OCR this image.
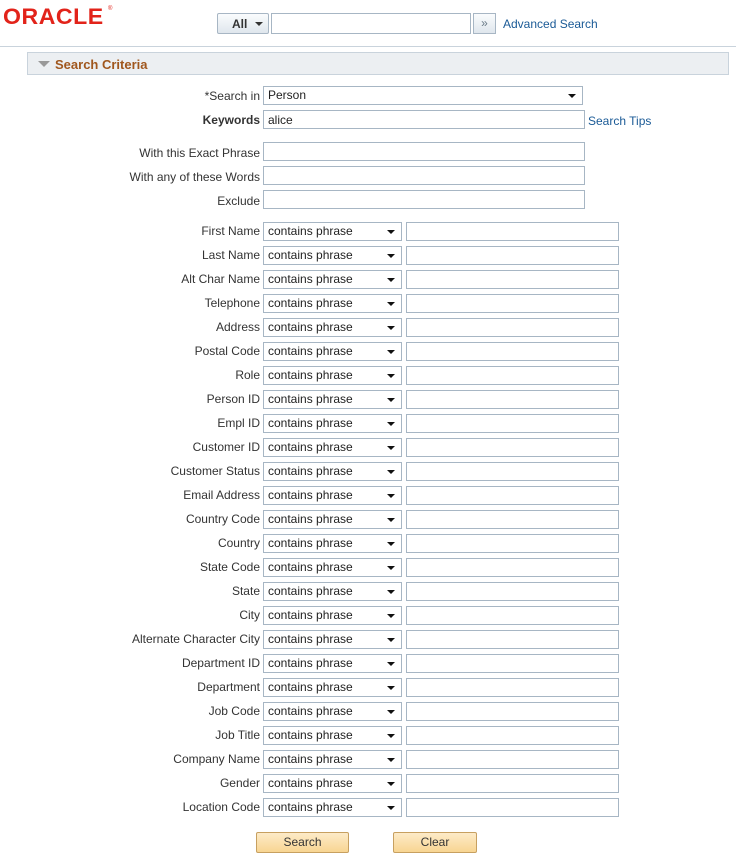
ORACLE ®
All	»	Advanced Search
Search Criteria
*Search in Person
Keywords
alice	Search Tips
With this Exact Phrase
With any of these Words
Exclude
First Name contains phrase
Last Name contains phrase
Alt Char Name contains phrase
Telephone contains phrase
Address contains phrase
Postal Code contains phrase
Role contains phrase
Person ID contains phrase
Empl ID contains phrase
Customer ID contains phrase
Customer Status contains phrase
Email Address contains phrase
Country Code contains phrase
Country contains phrase
State Code contains phrase
State contains phrase
City contains phrase
Alternate Character City contains phrase
Department ID contains phrase
Department contains phrase
Job Code contains phrase
Job Title contains phrase
Company Name contains phrase
Gender contains phrase
Location Code contains phrase
Search	Clear
